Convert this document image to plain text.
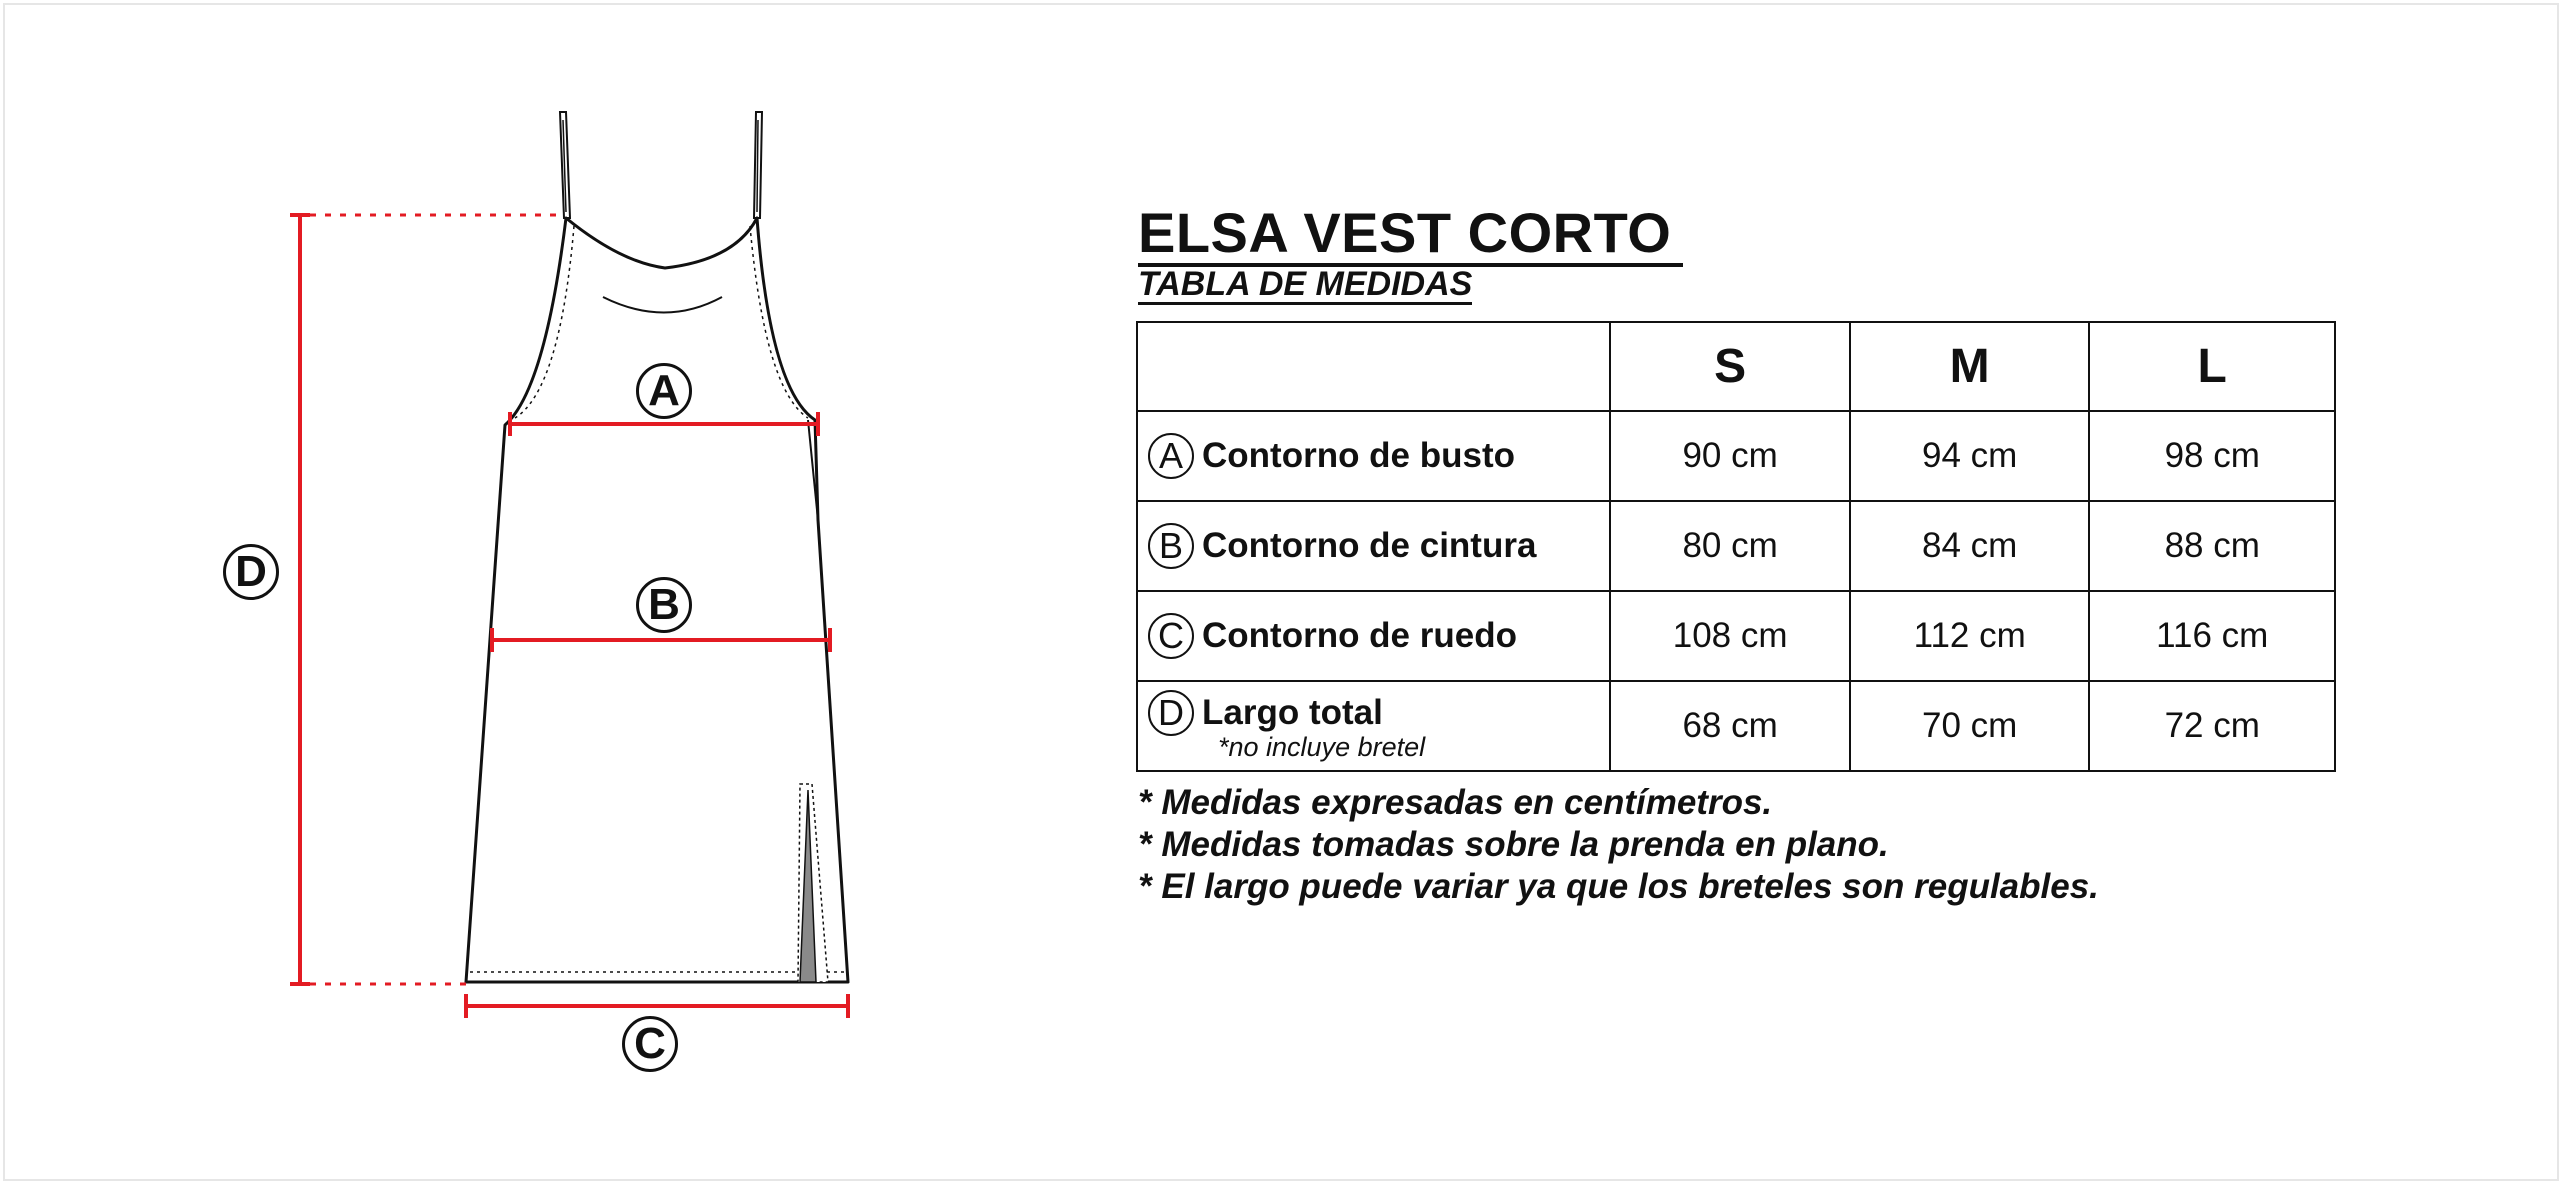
A
B
C
D
ELSA VEST CORTO
TABLA DE MEDIDAS
	S	M	L

A Contorno de busto	90 cm	94 cm	98 cm

B Contorno de cintura	80 cm	84 cm	88 cm

C Contorno de ruedo	108 cm	112 cm	116 cm

D Largo total
*no incluye bretel	68 cm	70 cm	72 cm
* Medidas expresadas en centímetros.
* Medidas tomadas sobre la prenda en plano.
* El largo puede variar ya que los breteles son regulables.
